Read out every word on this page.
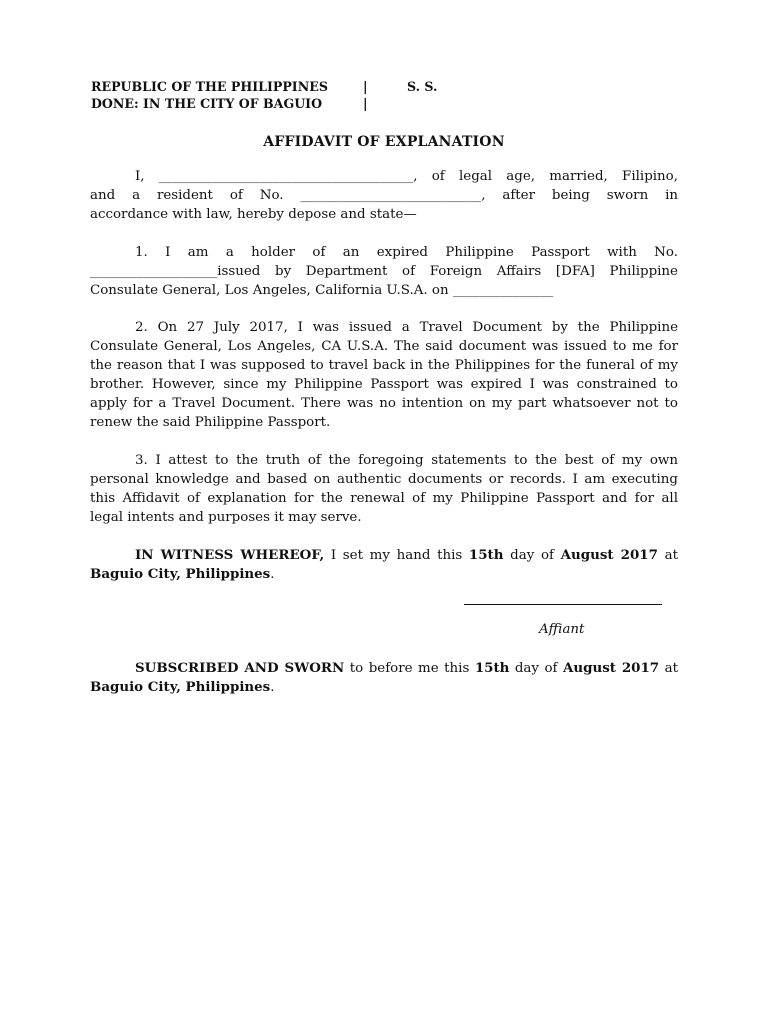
REPUBLIC OF THE PHILIPPINES	|	S. S.
DONE: IN THE CITY OF BAGUIO	|
AFFIDAVIT OF EXPLANATION
I, ______________________________________, of legal age, married, Filipino,
and a resident of No. ___________________________, after being sworn in
accordance with law, hereby depose and state—
1. I am a holder of an expired Philippine Passport with No.
___________________issued by Department of Foreign Affairs [DFA] Philippine
Consulate General, Los Angeles, California U.S.A. on _______________
2. On 27 July 2017, I was issued a Travel Document by the Philippine
Consulate General, Los Angeles, CA U.S.A. The said document was issued to me for
the reason that I was supposed to travel back in the Philippines for the funeral of my
brother. However, since my Philippine Passport was expired I was constrained to
apply for a Travel Document. There was no intention on my part whatsoever not to
renew the said Philippine Passport.
3. I attest to the truth of the foregoing statements to the best of my own
personal knowledge and based on authentic documents or records. I am executing
this Affidavit of explanation for the renewal of my Philippine Passport and for all
legal intents and purposes it may serve.
IN WITNESS WHEREOF, I set my hand this 15th day of August 2017 at
Baguio City, Philippines.
Affiant
SUBSCRIBED AND SWORN to before me this 15th day of August 2017 at
Baguio City, Philippines.
